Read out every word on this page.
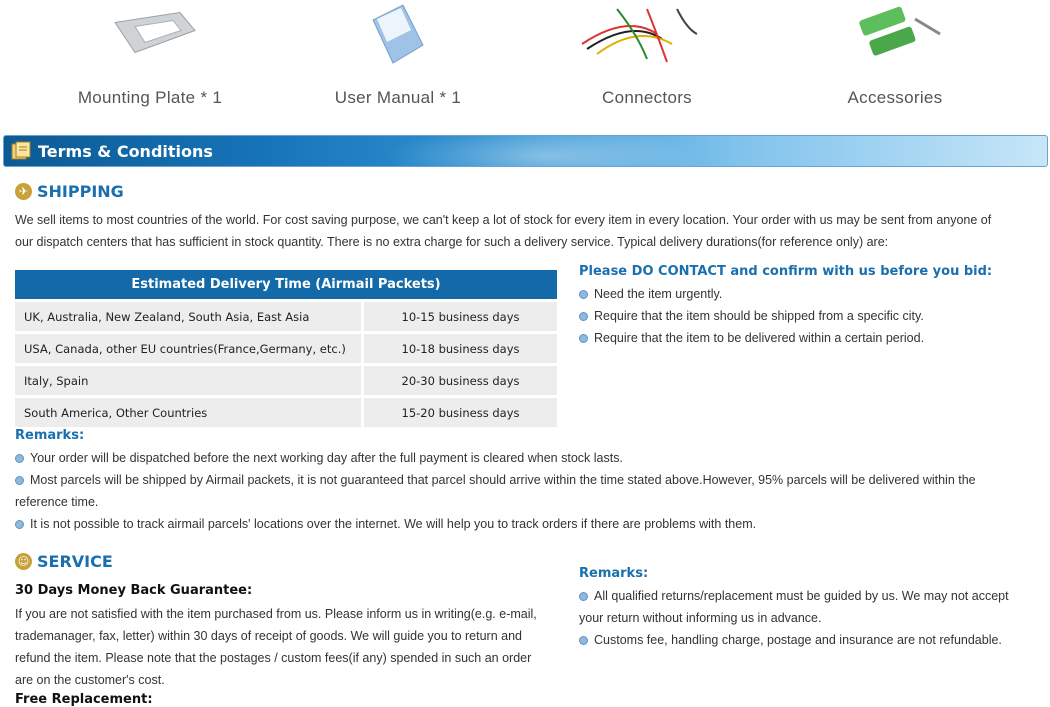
Mounting Plate * 1	User Manual * 1	Connectors	Accessories
Terms & Conditions
✈ SHIPPING
We sell items to most countries of the world. For cost saving purpose, we can't keep a lot of stock for every item in every location. Your order with us may be sent from anyone of
our dispatch centers that has sufficient in stock quantity. There is no extra charge for such a delivery service. Typical delivery durations(for reference only) are:
Estimated Delivery Time (Airmail Packets)	
UK, Australia, New Zealand, South Asia, East Asia	10-15 business days
USA, Canada, other EU countries(France,Germany, etc.)	10-18 business days
Italy, Spain	20-30 business days
South America, Other Countries	15-20 business days
Please DO CONTACT and confirm with us before you bid:
Need the item urgently.
Require that the item should be shipped from a specific city.
Require that the item to be delivered within a certain period.
Remarks:
Your order will be dispatched before the next working day after the full payment is cleared when stock lasts.
Most parcels will be shipped by Airmail packets, it is not guaranteed that parcel should arrive within the time stated above.However, 95% parcels will be delivered within the
reference time.
It is not possible to track airmail parcels' locations over the internet. We will help you to track orders if there are problems with them.
☺ SERVICE
30 Days Money Back Guarantee:
If you are not satisfied with the item purchased from us. Please inform us in writing(e.g. e-mail,
trademanager, fax, letter) within 30 days of receipt of goods. We will guide you to return and
refund the item. Please note that the postages / custom fees(if any) spended in such an order
are on the customer's cost.
Free Replacement:
Remarks:
All qualified returns/replacement must be guided by us. We may not accept
your return without informing us in advance.
Customs fee, handling charge, postage and insurance are not refundable.
